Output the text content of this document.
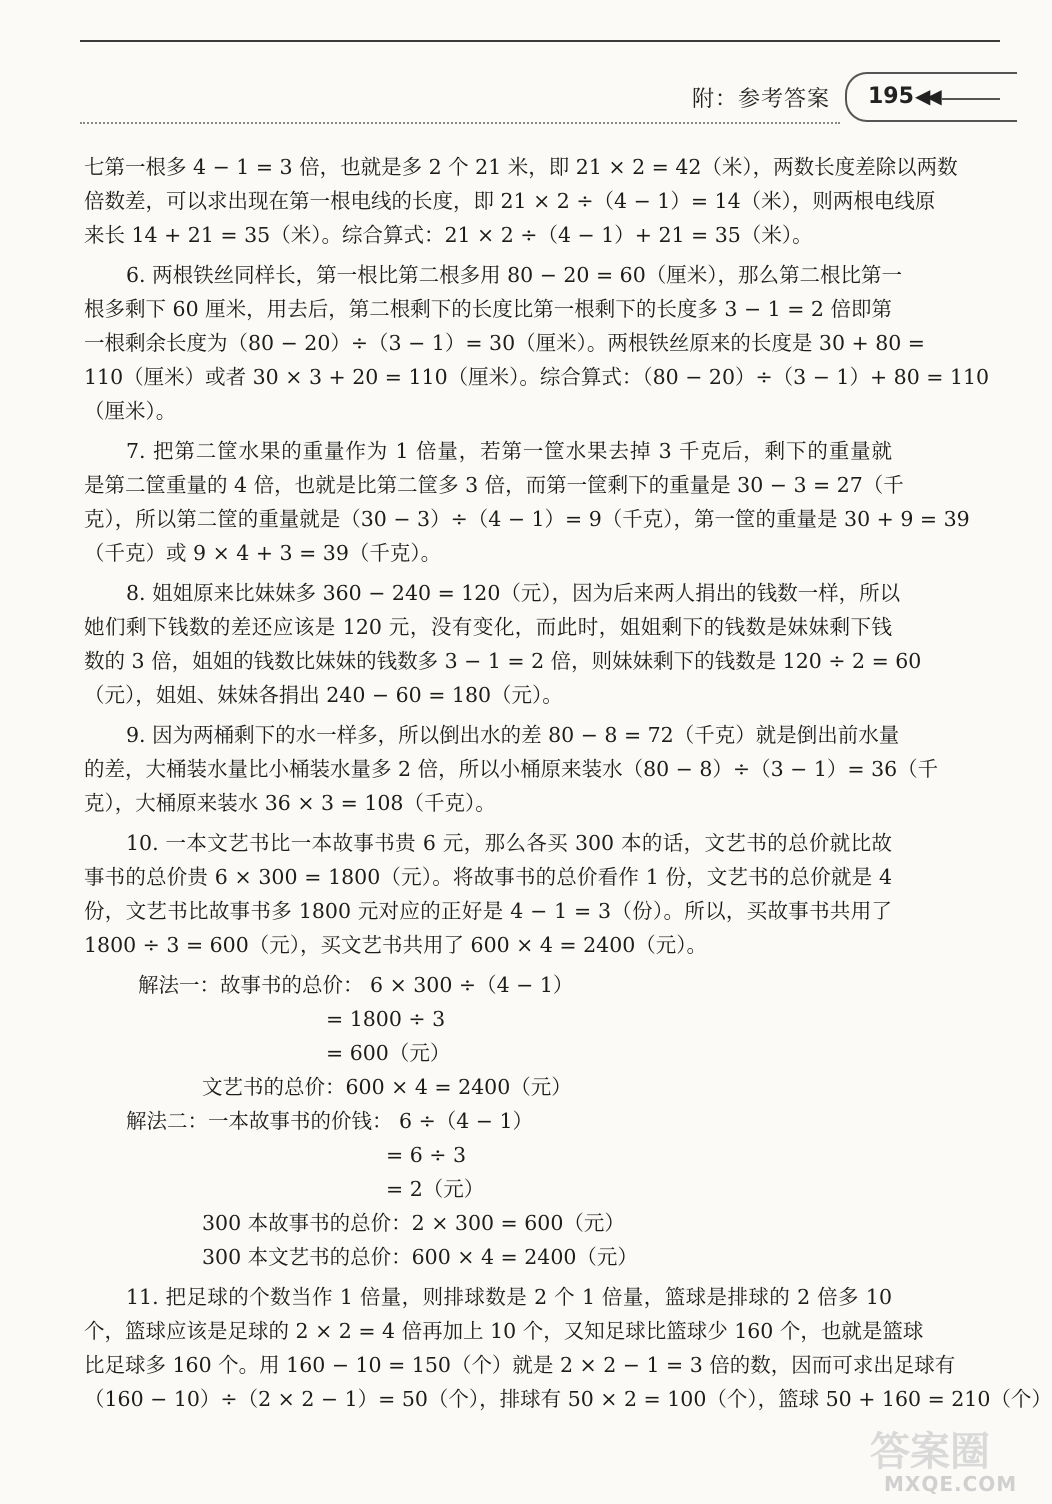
附：参考答案 195 ◀◀
七第一根多 4 − 1 = 3 倍，也就是多 2 个 21 米，即 21 × 2 = 42（米），两数长度差除以两数
倍数差，可以求出现在第一根电线的长度，即 21 × 2 ÷（4 − 1）= 14（米），则两根电线原
来长 14 + 21 = 35（米）。综合算式：21 × 2 ÷（4 − 1）+ 21 = 35（米）。
6. 两根铁丝同样长，第一根比第二根多用 80 − 20 = 60（厘米），那么第二根比第一
根多剩下 60 厘米，用去后，第二根剩下的长度比第一根剩下的长度多 3 − 1 = 2 倍即第
一根剩余长度为（80 − 20）÷（3 − 1）= 30（厘米）。两根铁丝原来的长度是 30 + 80 =
110（厘米）或者 30 × 3 + 20 = 110（厘米）。综合算式：（80 − 20）÷（3 − 1）+ 80 = 110
（厘米）。
7. 把第二筐水果的重量作为 1 倍量，若第一筐水果去掉 3 千克后，剩下的重量就
是第二筐重量的 4 倍，也就是比第二筐多 3 倍，而第一筐剩下的重量是 30 − 3 = 27（千
克），所以第二筐的重量就是（30 − 3）÷（4 − 1）= 9（千克），第一筐的重量是 30 + 9 = 39
（千克）或 9 × 4 + 3 = 39（千克）。
8. 姐姐原来比妹妹多 360 − 240 = 120（元），因为后来两人捐出的钱数一样，所以
她们剩下钱数的差还应该是 120 元，没有变化，而此时，姐姐剩下的钱数是妹妹剩下钱
数的 3 倍，姐姐的钱数比妹妹的钱数多 3 − 1 = 2 倍，则妹妹剩下的钱数是 120 ÷ 2 = 60
（元），姐姐、妹妹各捐出 240 − 60 = 180（元）。
9. 因为两桶剩下的水一样多，所以倒出水的差 80 − 8 = 72（千克）就是倒出前水量
的差，大桶装水量比小桶装水量多 2 倍，所以小桶原来装水（80 − 8）÷（3 − 1）= 36（千
克），大桶原来装水 36 × 3 = 108（千克）。
10. 一本文艺书比一本故事书贵 6 元，那么各买 300 本的话，文艺书的总价就比故
事书的总价贵 6 × 300 = 1800（元）。将故事书的总价看作 1 份，文艺书的总价就是 4
份，文艺书比故事书多 1800 元对应的正好是 4 − 1 = 3（份）。所以，买故事书共用了
1800 ÷ 3 = 600（元），买文艺书共用了 600 × 4 = 2400（元）。
解法一：故事书的总价： 6 × 300 ÷（4 − 1）
= 1800 ÷ 3
= 600（元）
文艺书的总价：600 × 4 = 2400（元）
解法二：一本故事书的价钱： 6 ÷（4 − 1）
= 6 ÷ 3
= 2（元）
300 本故事书的总价：2 × 300 = 600（元）
300 本文艺书的总价：600 × 4 = 2400（元）
11. 把足球的个数当作 1 倍量，则排球数是 2 个 1 倍量，篮球是排球的 2 倍多 10
个，篮球应该是足球的 2 × 2 = 4 倍再加上 10 个，又知足球比篮球少 160 个，也就是篮球
比足球多 160 个。用 160 − 10 = 150（个）就是 2 × 2 − 1 = 3 倍的数，因而可求出足球有
（160 − 10）÷（2 × 2 − 1）= 50（个），排球有 50 × 2 = 100（个），篮球 50 + 160 = 210（个）
答案圈
MXQE.COM
